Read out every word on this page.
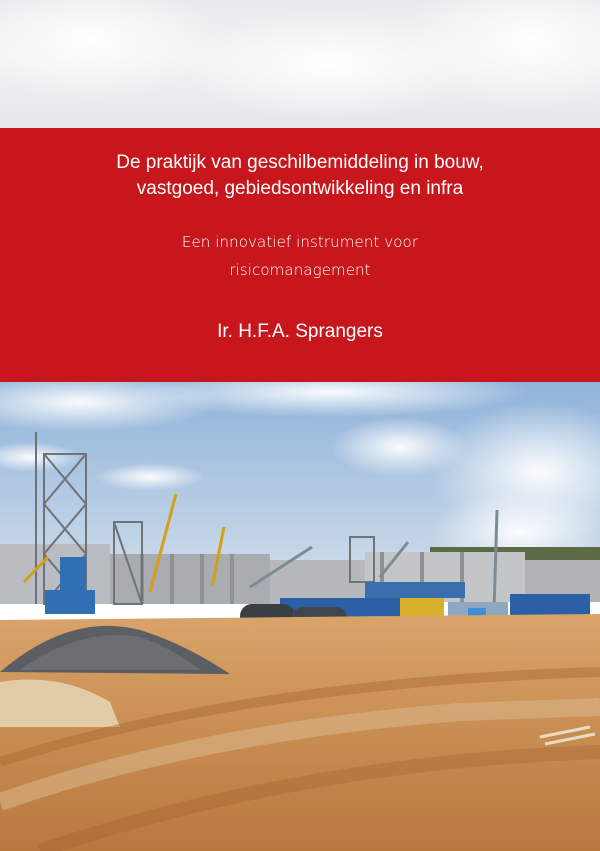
De praktijk van geschilbemiddeling in bouw,
vastgoed, gebiedsontwikkeling en infra
Een innovatief instrument voor
risicomanagement
Ir. H.F.A. Sprangers
